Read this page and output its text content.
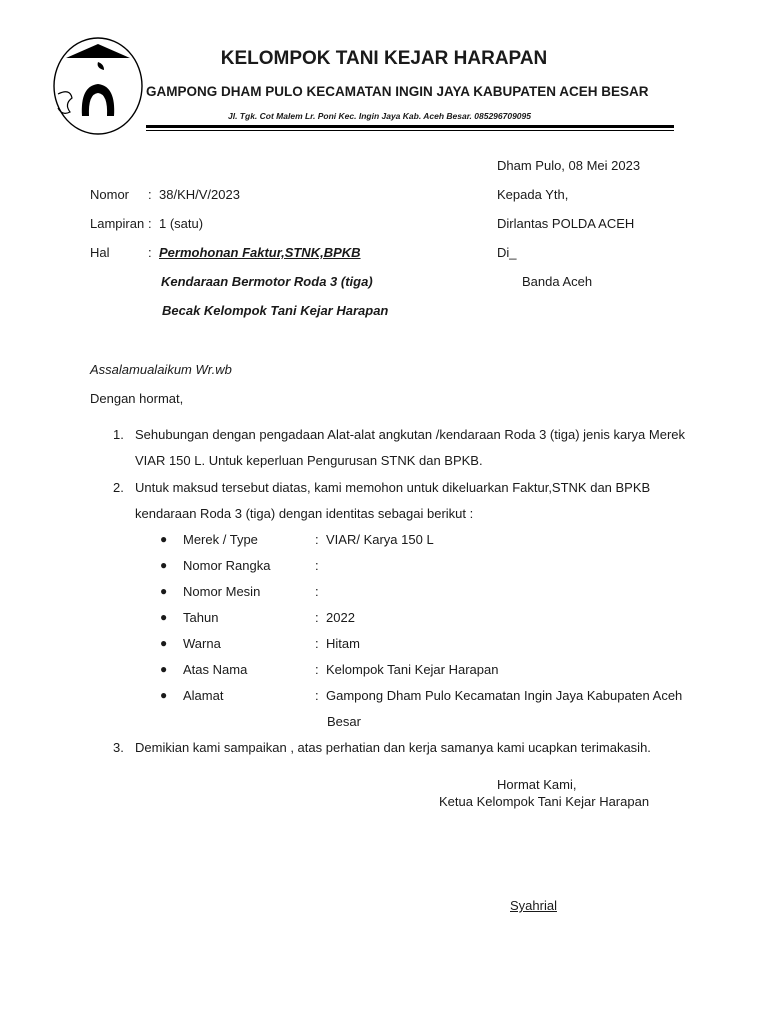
KELOMPOK TANI KEJAR HARAPAN
GAMPONG DHAM PULO KECAMATAN INGIN JAYA KABUPATEN ACEH BESAR
Jl. Tgk. Cot Malem Lr. Poni Kec. Ingin Jaya Kab. Aceh Besar. 085296709095
Dham Pulo, 08 Mei 2023
Nomor : 38/KH/V/2023
Lampiran : 1 (satu)
Hal	: Permohonan Faktur,STNK,BPKB
Kendaraan Bermotor Roda 3 (tiga)
Becak Kelompok Tani Kejar Harapan
Kepada Yth,
Dirlantas POLDA ACEH
Di_
Banda Aceh
Assalamualaikum Wr.wb
Dengan hormat,
1. Sehubungan dengan pengadaan Alat-alat angkutan /kendaraan Roda 3 (tiga) jenis karya Merek
VIAR 150 L. Untuk keperluan Pengurusan STNK dan BPKB.
2. Untuk maksud tersebut diatas, kami memohon untuk dikeluarkan Faktur,STNK dan BPKB
kendaraan Roda 3 (tiga) dengan identitas sebagai berikut :
● Merek / Type	: VIAR/ Karya 150 L
● Nomor Rangka	:
● Nomor Mesin	:
● Tahun	: 2022
● Warna	: Hitam
● Atas Nama	: Kelompok Tani Kejar Harapan
● Alamat	: Gampong Dham Pulo Kecamatan Ingin Jaya Kabupaten Aceh
Besar
3. Demikian kami sampaikan , atas perhatian dan kerja samanya kami ucapkan terimakasih.
Hormat Kami,
Ketua Kelompok Tani Kejar Harapan
Syahrial
